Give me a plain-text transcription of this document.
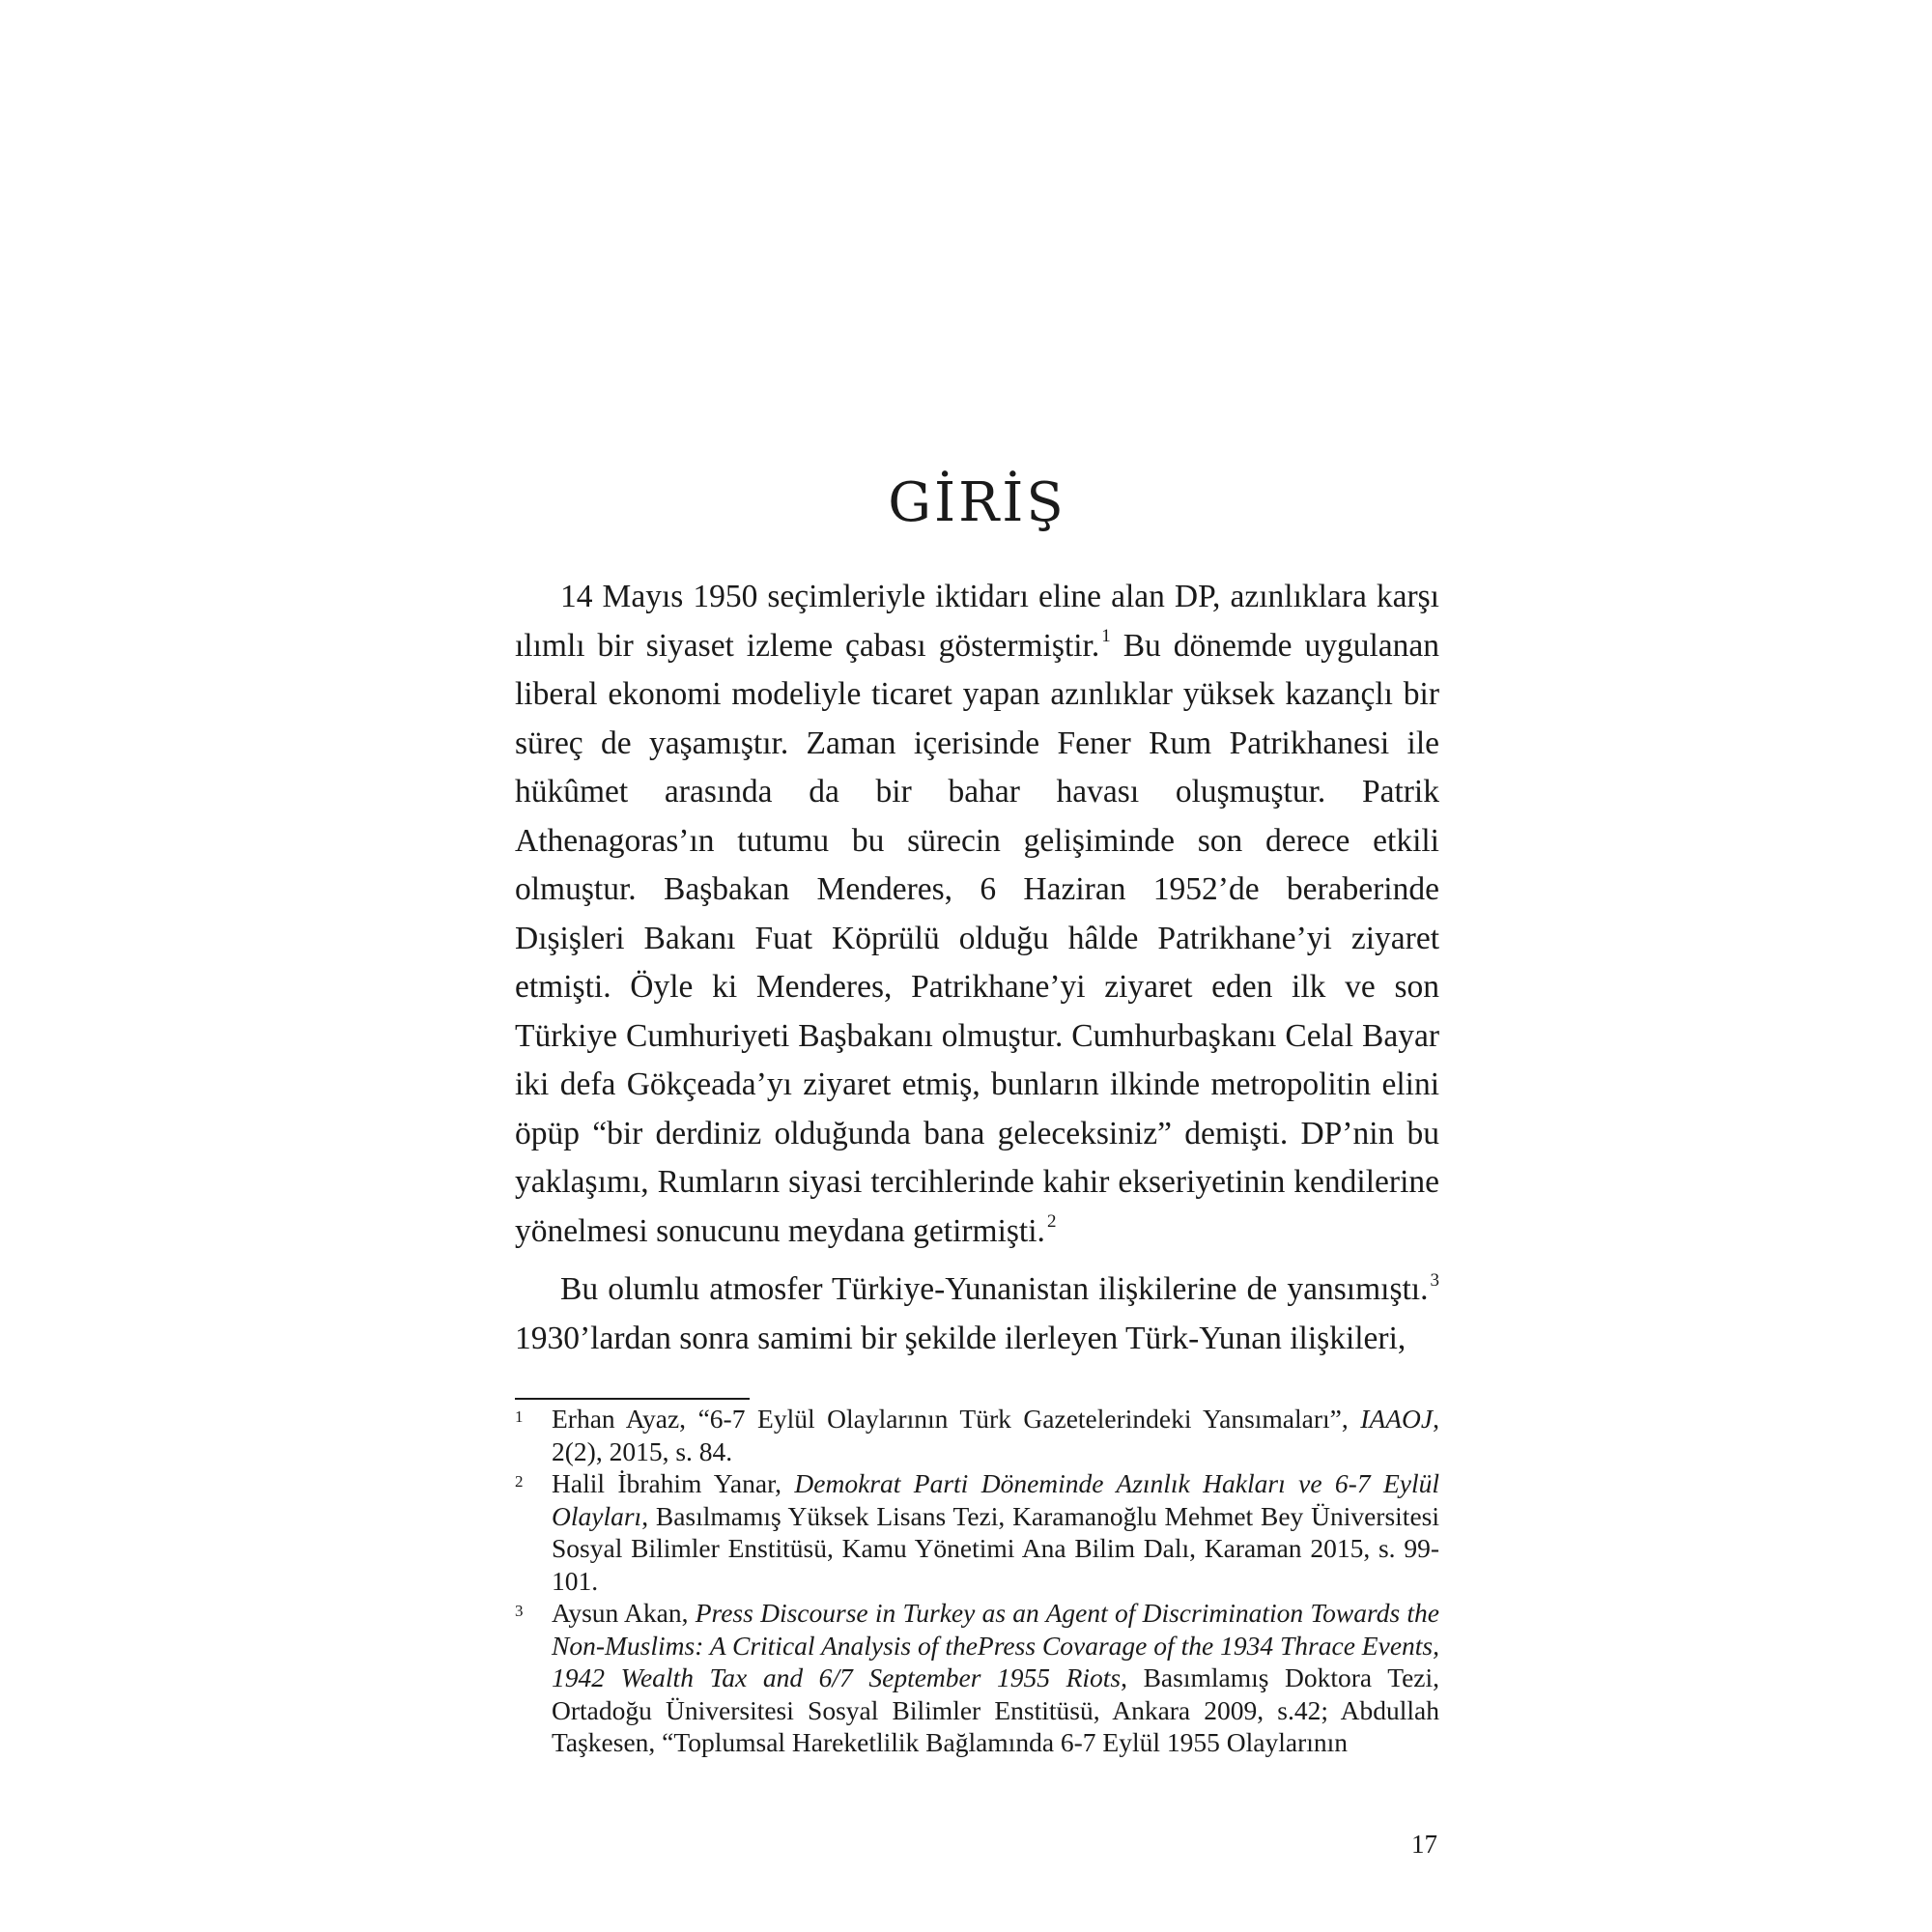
GİRİŞ

14 Mayıs 1950 seçimleriyle iktidarı eline alan DP, azınlıklara karşı ılımlı bir siyaset izleme çabası göstermiştir. $^1$ Bu dönemde uygulanan liberal ekonomi modeliyle ticaret yapan azınlıklar yüksek kazançlı bir süreç de yaşamıştır. Zaman içerisinde Fener Rum Patrikhanesi ile hükûmet arasında da bir bahar havası oluşmuştur. Patrik Athenagoras’ın tutumu bu sürecin gelişiminde son derece etkili olmuştur. Başbakan Menderes, 6 Haziran 1952’de beraberinde Dışişleri Bakanı Fuat Köprülü olduğu hâlde Patrikhane’yi ziyaret etmişti. Öyle ki Menderes, Patrikhane’yi ziyaret eden ilk ve son Türkiye Cumhuriyeti Başbakanı olmuştur. Cumhurbaşkanı Celal Bayar iki defa Gökçeada’yı ziyaret etmiş, bunların ilkinde metropolitin elini öpüp “bir derdiniz olduğunda bana geleceksiniz” demişti. DP’nin bu yaklaşımı, Rumların siyasi tercihlerinde kahir ekseriyetinin kendilerine yönelmesi sonucunu meydana getirmişti. $^2$

Bu olumlu atmosfer Türkiye-Yunanistan ilişkilerine de yansımıştı. $^3$ 1930’lardan sonra samimi bir şekilde ilerleyen Türk-Yunan ilişkileri,

1 Erhan Ayaz, “6-7 Eylül Olaylarının Türk Gazetelerindeki Yansımaları”, IAAOJ, 2(2), 2015, s. 84.
2 Halil İbrahim Yanar, Demokrat Parti Döneminde Azınlık Hakları ve 6-7 Eylül Olayları, Basılmamış Yüksek Lisans Tezi, Karamanoğlu Mehmet Bey Üniversitesi Sosyal Bilimler Enstitüsü, Kamu Yönetimi Ana Bilim Dalı, Karaman 2015, s. 99-101.
3 Aysun Akan, Press Discourse in Turkey as an Agent of Discrimination Towards the Non-Muslims: A Critical Analysis of thePress Covarage of the 1934 Thrace Events, 1942 Wealth Tax and 6/7 September 1955 Riots, Basımlamış Doktora Tezi, Ortadoğu Üniversitesi Sosyal Bilimler Enstitüsü, Ankara 2009, s.42; Abdullah Taşkesen, “Toplumsal Hareketlilik Bağlamında 6-7 Eylül 1955 Olaylarının
17
